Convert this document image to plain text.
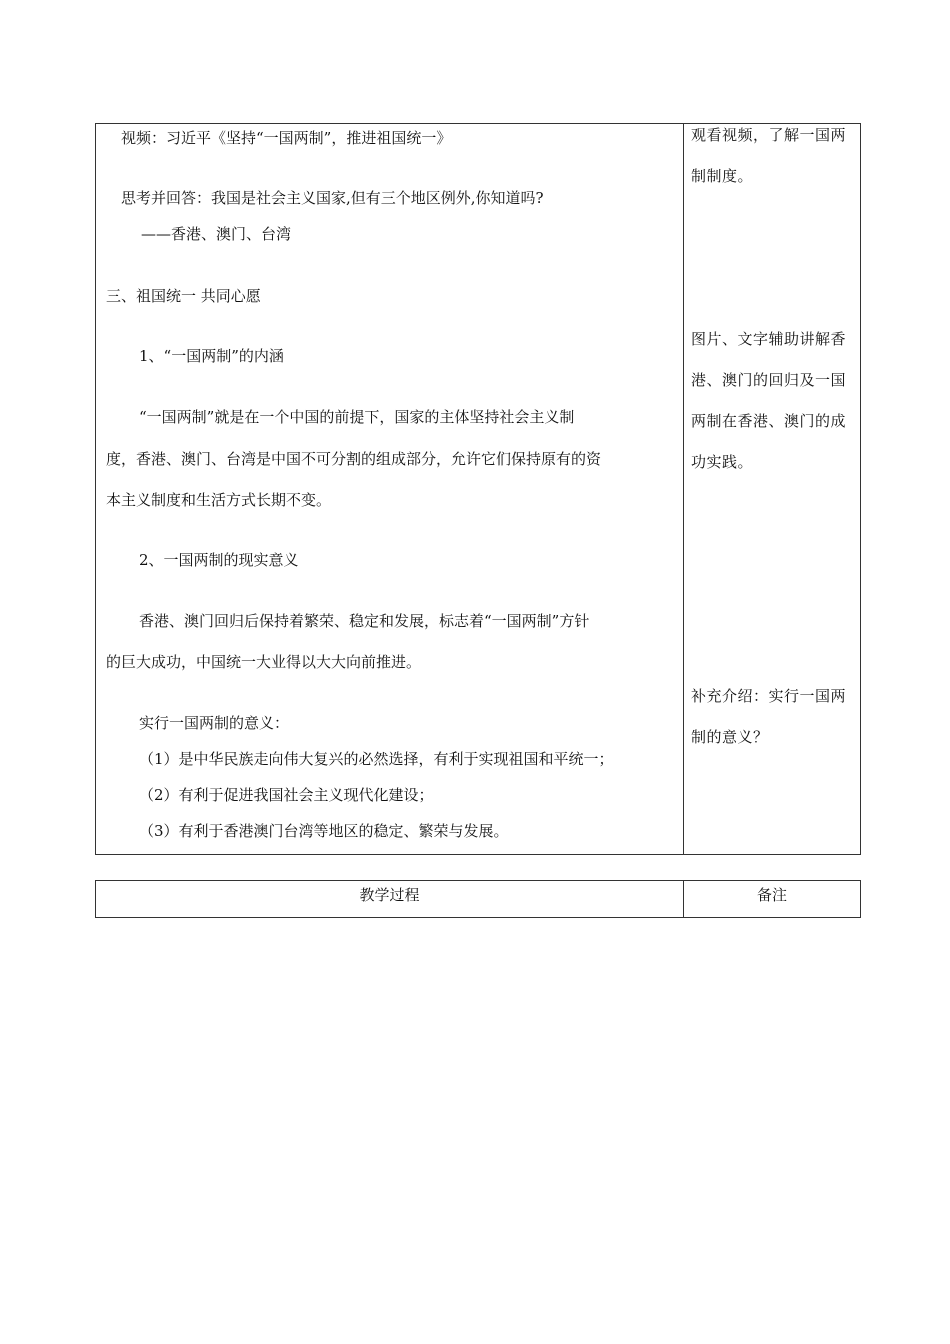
视频：习近平《坚持“一国两制”，推进祖国统一》
思考并回答：我国是社会主义国家,但有三个地区例外,你知道吗?
——香港、澳门、台湾
三、祖国统一 共同心愿
1、“一国两制”的内涵
“一国两制”就是在一个中国的前提下，国家的主体坚持社会主义制
度，香港、澳门、台湾是中国不可分割的组成部分，允许它们保持原有的资
本主义制度和生活方式长期不变。
2、一国两制的现实意义
香港、澳门回归后保持着繁荣、稳定和发展，标志着“一国两制”方针
的巨大成功，中国统一大业得以大大向前推进。
实行一国两制的意义：
（1）是中华民族走向伟大复兴的必然选择，有利于实现祖国和平统一；
（2）有利于促进我国社会主义现代化建设；
（3）有利于香港澳门台湾等地区的稳定、繁荣与发展。
观看视频，了解一国两制制度。
图片、文字辅助讲解香港、澳门的回归及一国两制在香港、澳门的成功实践。
补充介绍：实行一国两制的意义？
教学过程	备注
